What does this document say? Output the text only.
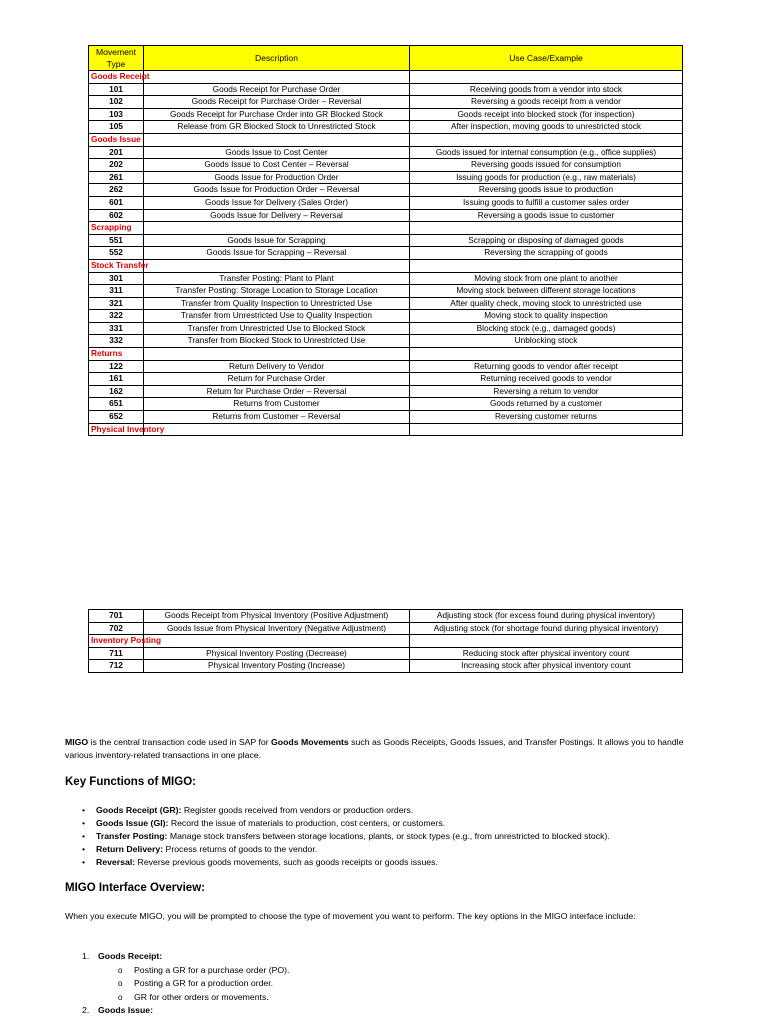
Movement Type	Description	Use Case/Example
Goods Receipt		
101	Goods Receipt for Purchase Order	Receiving goods from a vendor into stock
102	Goods Receipt for Purchase Order – Reversal	Reversing a goods receipt from a vendor
103	Goods Receipt for Purchase Order into GR Blocked Stock	Goods receipt into blocked stock (for inspection)
105	Release from GR Blocked Stock to Unrestricted Stock	After inspection, moving goods to unrestricted stock
Goods Issue		
201	Goods Issue to Cost Center	Goods issued for internal consumption (e.g., office supplies)
202	Goods Issue to Cost Center – Reversal	Reversing goods issued for consumption
261	Goods Issue for Production Order	Issuing goods for production (e.g., raw materials)
262	Goods Issue for Production Order – Reversal	Reversing goods issue to production
601	Goods Issue for Delivery (Sales Order)	Issuing goods to fulfill a customer sales order
602	Goods Issue for Delivery – Reversal	Reversing a goods issue to customer
Scrapping		
551	Goods Issue for Scrapping	Scrapping or disposing of damaged goods
552	Goods Issue for Scrapping – Reversal	Reversing the scrapping of goods
Stock Transfer		
301	Transfer Posting: Plant to Plant	Moving stock from one plant to another
311	Transfer Posting: Storage Location to Storage Location	Moving stock between different storage locations
321	Transfer from Quality Inspection to Unrestricted Use	After quality check, moving stock to unrestricted use
322	Transfer from Unrestricted Use to Quality Inspection	Moving stock to quality inspection
331	Transfer from Unrestricted Use to Blocked Stock	Blocking stock (e.g., damaged goods)
332	Transfer from Blocked Stock to Unrestricted Use	Unblocking stock
Returns		
122	Return Delivery to Vendor	Returning goods to vendor after receipt
161	Return for Purchase Order	Returning received goods to vendor
162	Return for Purchase Order – Reversal	Reversing a return to vendor
651	Returns from Customer	Goods returned by a customer
652	Returns from Customer – Reversal	Reversing customer returns
Physical Inventory		
701	Goods Receipt from Physical Inventory (Positive Adjustment)	Adjusting stock (for excess found during physical inventory)
702	Goods Issue from Physical Inventory (Negative Adjustment)	Adjusting stock (for shortage found during physical inventory)
Inventory Posting		
711	Physical Inventory Posting (Decrease)	Reducing stock after physical inventory count
712	Physical Inventory Posting (Increase)	Increasing stock after physical inventory count

MIGO is the central transaction code used in SAP for Goods Movements such as Goods Receipts, Goods Issues, and Transfer Postings. It allows you to handle various inventory-related transactions in one place.

Key Functions of MIGO:
• Goods Receipt (GR): Register goods received from vendors or production orders.
• Goods Issue (GI): Record the issue of materials to production, cost centers, or customers.
• Transfer Posting: Manage stock transfers between storage locations, plants, or stock types (e.g., from unrestricted to blocked stock).
• Return Delivery: Process returns of goods to the vendor.
• Reversal: Reverse previous goods movements, such as goods receipts or goods issues.
MIGO Interface Overview:

When you execute MIGO, you will be prompted to choose the type of movement you want to perform. The key options in the MIGO interface include:

1. Goods Receipt:
o Posting a GR for a purchase order (PO).
o Posting a GR for a production order.
o GR for other orders or movements.
2. Goods Issue:
